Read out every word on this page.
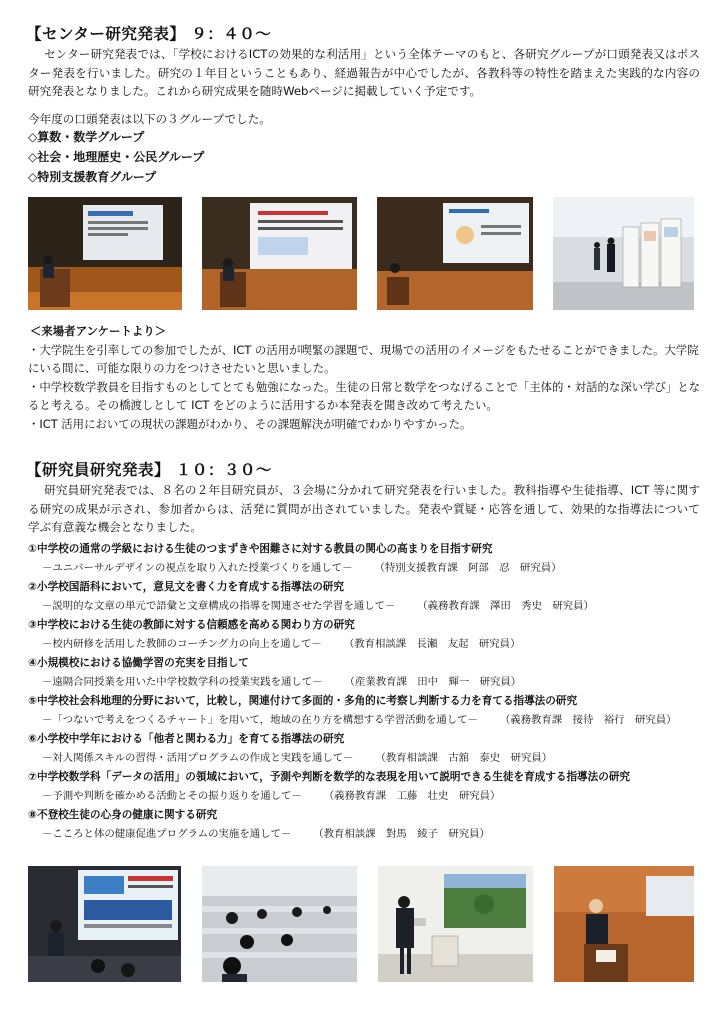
【センター研究発表】 ９：４０～
センター研究発表では、「学校におけるICTの効果的な利活用」という全体テーマのもと、各研究グループが口頭発表又はポスター発表を行いました。研究の１年目ということもあり、経過報告が中心でしたが、各教科等の特性を踏まえた実践的な内容の研究発表となりました。これから研究成果を随時Webページに掲載していく予定です。
今年度の口頭発表は以下の３グループでした。
◇算数・数学グループ
◇社会・地理歴史・公民グループ
◇特別支援教育グループ
＜来場者アンケートより＞
・大学院生を引率しての参加でしたが、ICT の活用が喫緊の課題で、現場での活用のイメージをもたせることができました。大学院にいる間に、可能な限りの力をつけさせたいと思いました。
・中学校数学教員を目指すものとしてとても勉強になった。生徒の日常と数学をつなげることで「主体的・対話的な深い学び」となると考える。その橋渡しとして ICT をどのように活用するか本発表を聞き改めて考えたい。
・ICT 活用においての現状の課題がわかり、その課題解決が明確でわかりやすかった。
【研究員研究発表】 １０：３０～
研究員研究発表では、８名の２年目研究員が、３会場に分かれて研究発表を行いました。教科指導や生徒指導、ICT 等に関する研究の成果が示され、参加者からは、活発に質問が出されていました。発表や質疑・応答を通して、効果的な指導法について学ぶ有意義な機会となりました。
①中学校の通常の学級における生徒のつまずきや困難さに対する教員の関心の高まりを目指す研究
－ユニバーサルデザインの視点を取り入れた授業づくりを通して－ （特別支援教育課　阿部　忍　研究員）
②小学校国語科において，意見文を書く力を育成する指導法の研究
－説明的な文章の単元で語彙と文章構成の指導を関連させた学習を通して－ （義務教育課　澤田　秀史　研究員）
③中学校における生徒の教師に対する信頼感を高める関わり方の研究
－校内研修を活用した教師のコーチング力の向上を通して－ （教育相談課　長瀬　友起　研究員）
④小規模校における協働学習の充実を目指して
－遠隔合同授業を用いた中学校数学科の授業実践を通して－ （産業教育課　田中　輝一　研究員）
⑤中学校社会科地理的分野において，比較し，関連付けて多面的・多角的に考察し判断する力を育てる指導法の研究
－「つないで考えをつくるチャート」を用いて，地域の在り方を構想する学習活動を通して－ （義務教育課　接待　裕行　研究員）
⑥小学校中学年における「他者と関わる力」を育てる指導法の研究
－対人関係スキルの習得・活用プログラムの作成と実践を通して－ （教育相談課　古舘　泰史　研究員）
⑦中学校数学科「データの活用」の領域において，予測や判断を数学的な表現を用いて説明できる生徒を育成する指導法の研究
－予測や判断を確かめる活動とその振り返りを通して－ （義務教育課　工藤　壮史　研究員）
⑧不登校生徒の心身の健康に関する研究
－こころと体の健康促進プログラムの実施を通して－ （教育相談課　對馬　綾子　研究員）
